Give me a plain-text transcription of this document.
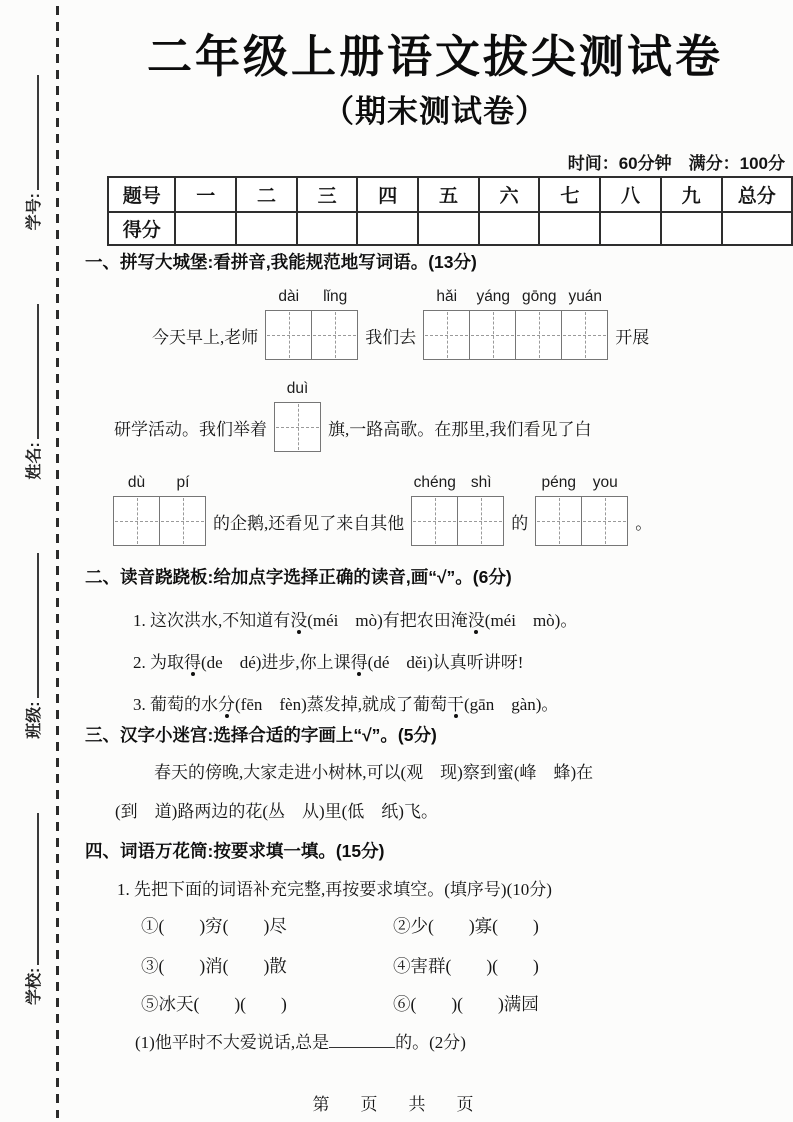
学校:
班级:
姓名:
学号:
二年级上册语文拔尖测试卷
（期末测试卷）
时间：60分钟　满分：100分
题号	一	二	三	四	五	六	七	八	九	总分
得分										
一、拼写大城堡:看拼音,我能规范地写词语。(13分)
今天早上,老师
dài	lǐng
我们去
hǎi	yáng gōng yuán
开展
研学活动。我们举着
duì
旗,一路高歌。在那里,我们看见了白
dù	pí
的企鹅,还看见了来自其他
chéng shì
的
péng	you
。
二、读音跷跷板:给加点字选择正确的读音,画“√”。(6分)
1. 这次洪水,不知道有没(méi　mò)有把农田淹没(méi　mò)。
2. 为取得(de　dé)进步,你上课得(dé　děi)认真听讲呀!
3. 葡萄的水分(fēn　fèn)蒸发掉,就成了葡萄干(gān　gàn)。
三、汉字小迷宫:选择合适的字画上“√”。(5分)
春天的傍晚,大家走进小树林,可以(观　现)察到蜜(峰　蜂)在
(到　道)路两边的花(丛　从)里(低　纸)飞。
四、词语万花筒:按要求填一填。(15分)
1. 先把下面的词语补充完整,再按要求填空。(填序号)(10分)
①(　　)穷(　　)尽	②少(　　)寡(　　)
③(　　)消(　　)散	④害群(　　)(　　)
⑤冰天(　　)(　　)	⑥(　　)(　　)满园
(1)他平时不大爱说话,总是	的。(2分)
第　页　共　页
